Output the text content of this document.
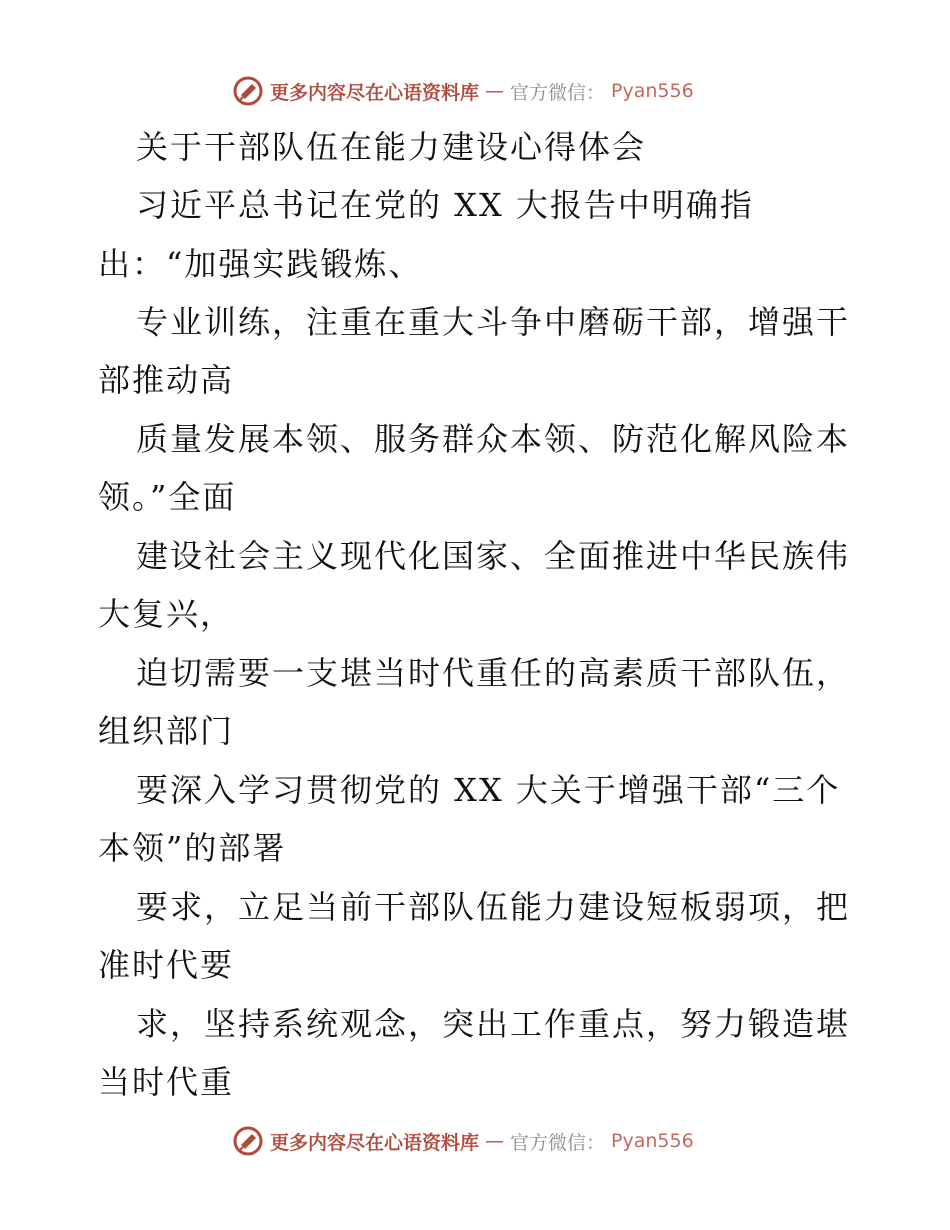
更多内容尽在心语资料库 — 官方微信： Pyan556
关于干部队伍在能力建设心得体会
习近平总书记在党的 XX 大报告中明确指
出：“加强实践锻炼、
专业训练，注重在重大斗争中磨砺干部，增强干
部推动高
质量发展本领、服务群众本领、防范化解风险本
领。”全面
建设社会主义现代化国家、全面推进中华民族伟
大复兴，
迫切需要一支堪当时代重任的高素质干部队伍，
组织部门
要深入学习贯彻党的 XX 大关于增强干部“三个
本领”的部署
要求，立足当前干部队伍能力建设短板弱项，把
准时代要
求，坚持系统观念，突出工作重点，努力锻造堪
当时代重
更多内容尽在心语资料库 — 官方微信： Pyan556
